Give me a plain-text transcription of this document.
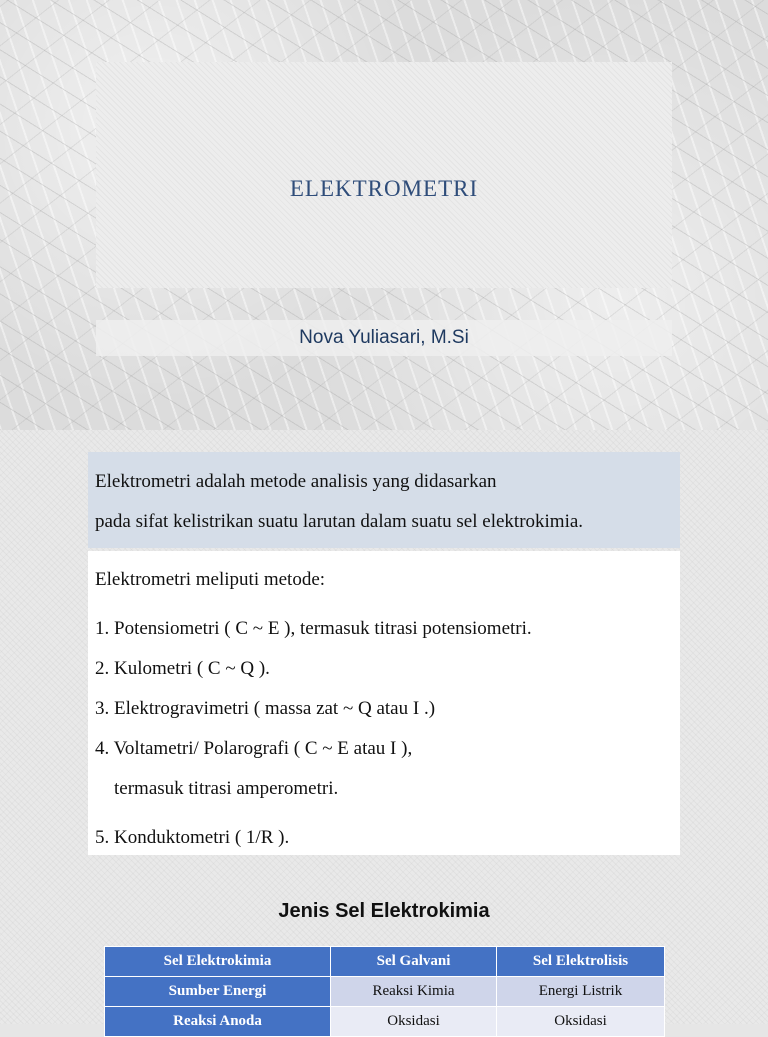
ELEKTROMETRI
Nova Yuliasari, M.Si
Elektrometri adalah metode analisis yang didasarkan
pada sifat kelistrikan suatu larutan dalam suatu sel elektrokimia.
Elektrometri meliputi metode:
1. Potensiometri ( C ~ E ), termasuk titrasi potensiometri.
2. Kulometri ( C ~ Q ).
3. Elektrogravimetri ( massa zat ~ Q atau I .)
4. Voltametri/ Polarografi ( C ~ E atau I ),
termasuk titrasi amperometri.
5. Konduktometri ( 1/R ).
Jenis Sel Elektrokimia
Sel Elektrokimia	Sel Galvani	Sel Elektrolisis
Sumber Energi	Reaksi Kimia	Energi Listrik
Reaksi Anoda	Oksidasi	Oksidasi
